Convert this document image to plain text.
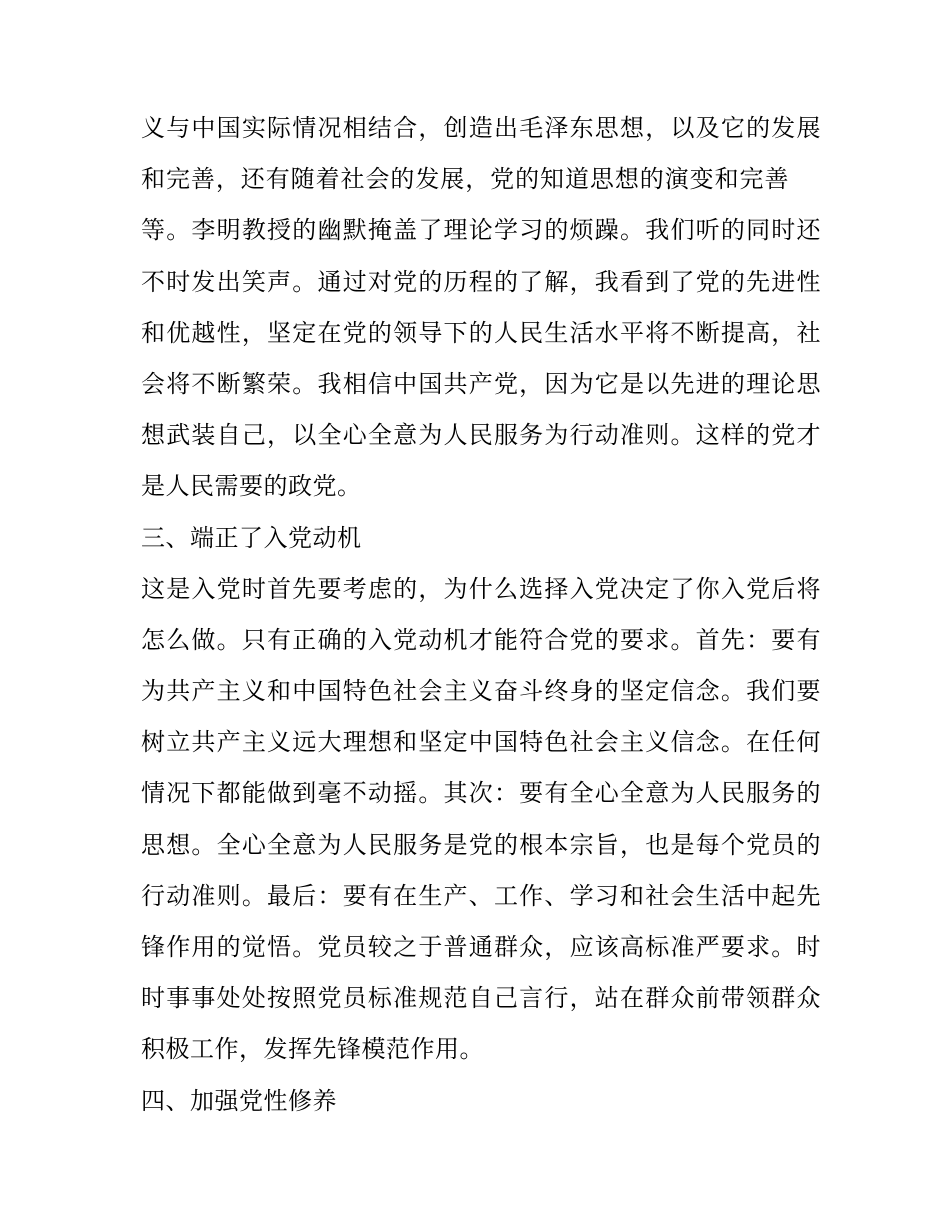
义与中国实际情况相结合，创造出毛泽东思想，以及它的发展
和完善，还有随着社会的发展，党的知道思想的演变和完善
等。李明教授的幽默掩盖了理论学习的烦躁。我们听的同时还
不时发出笑声。通过对党的历程的了解，我看到了党的先进性
和优越性，坚定在党的领导下的人民生活水平将不断提高，社
会将不断繁荣。我相信中国共产党，因为它是以先进的理论思
想武装自己，以全心全意为人民服务为行动准则。这样的党才
是人民需要的政党。
三、端正了入党动机
这是入党时首先要考虑的，为什么选择入党决定了你入党后将
怎么做。只有正确的入党动机才能符合党的要求。首先：要有
为共产主义和中国特色社会主义奋斗终身的坚定信念。我们要
树立共产主义远大理想和坚定中国特色社会主义信念。在任何
情况下都能做到毫不动摇。其次：要有全心全意为人民服务的
思想。全心全意为人民服务是党的根本宗旨，也是每个党员的
行动准则。最后：要有在生产、工作、学习和社会生活中起先
锋作用的觉悟。党员较之于普通群众，应该高标准严要求。时
时事事处处按照党员标准规范自己言行，站在群众前带领群众
积极工作，发挥先锋模范作用。
四、加强党性修养
